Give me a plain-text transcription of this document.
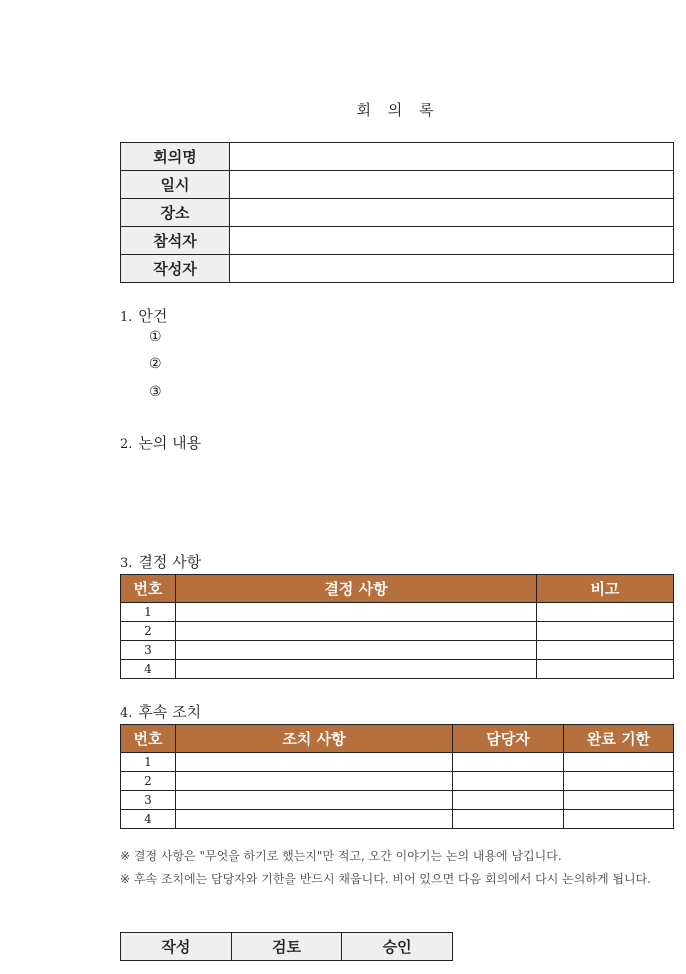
회 의 록
회의명	
일시	
장소	
참석자	
작성자	
1. 안건
①
②
③
2. 논의 내용
3. 결정 사항
번호	결정 사항	비고
1		
2		
3		
4		
4. 후속 조치
번호	조치 사항	담당자	완료 기한
1			
2			
3			
4			
※ 결정 사항은 "무엇을 하기로 했는지"만 적고, 오간 이야기는 논의 내용에 남깁니다.
※ 후속 조치에는 담당자와 기한을 반드시 채웁니다. 비어 있으면 다음 회의에서 다시 논의하게 됩니다.
작성	검토	승인
